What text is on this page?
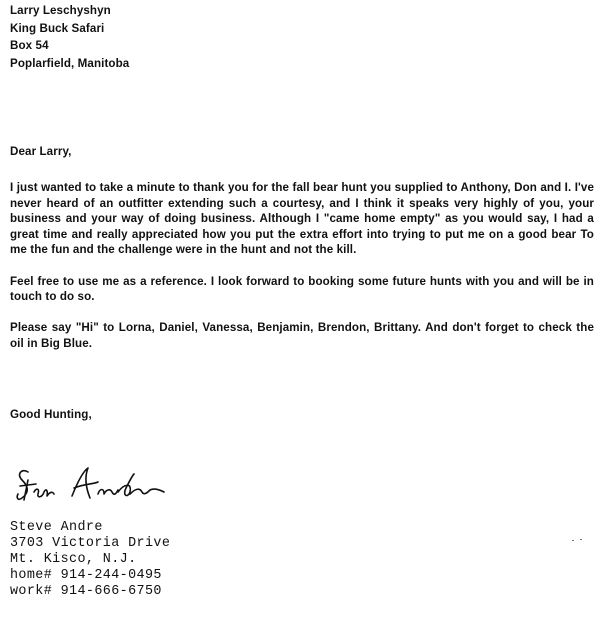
Larry Leschyshyn
King Buck Safari
Box 54
Poplarfield, Manitoba
Dear Larry,

I just wanted to take a minute to thank you for the fall bear hunt you supplied to Anthony, Don and I. I've never heard of an outfitter extending such a courtesy, and I think it speaks very highly of you, your business and your way of doing business. Although I "came home empty" as you would say, I had a great time and really appreciated how you put the extra effort into trying to put me on a good bear To me the fun and the challenge were in the hunt and not the kill.

Feel free to use me as a reference. I look forward to booking some future hunts with you and will be in touch to do so.

Please say "Hi" to Lorna, Daniel, Vanessa, Benjamin, Brendon, Brittany. And don't forget to check the oil in Big Blue.

Good Hunting,
Steve Andre
3703 Victoria Drive
Mt. Kisco, N.J.
home# 914-244-0495
work# 914-666-6750
